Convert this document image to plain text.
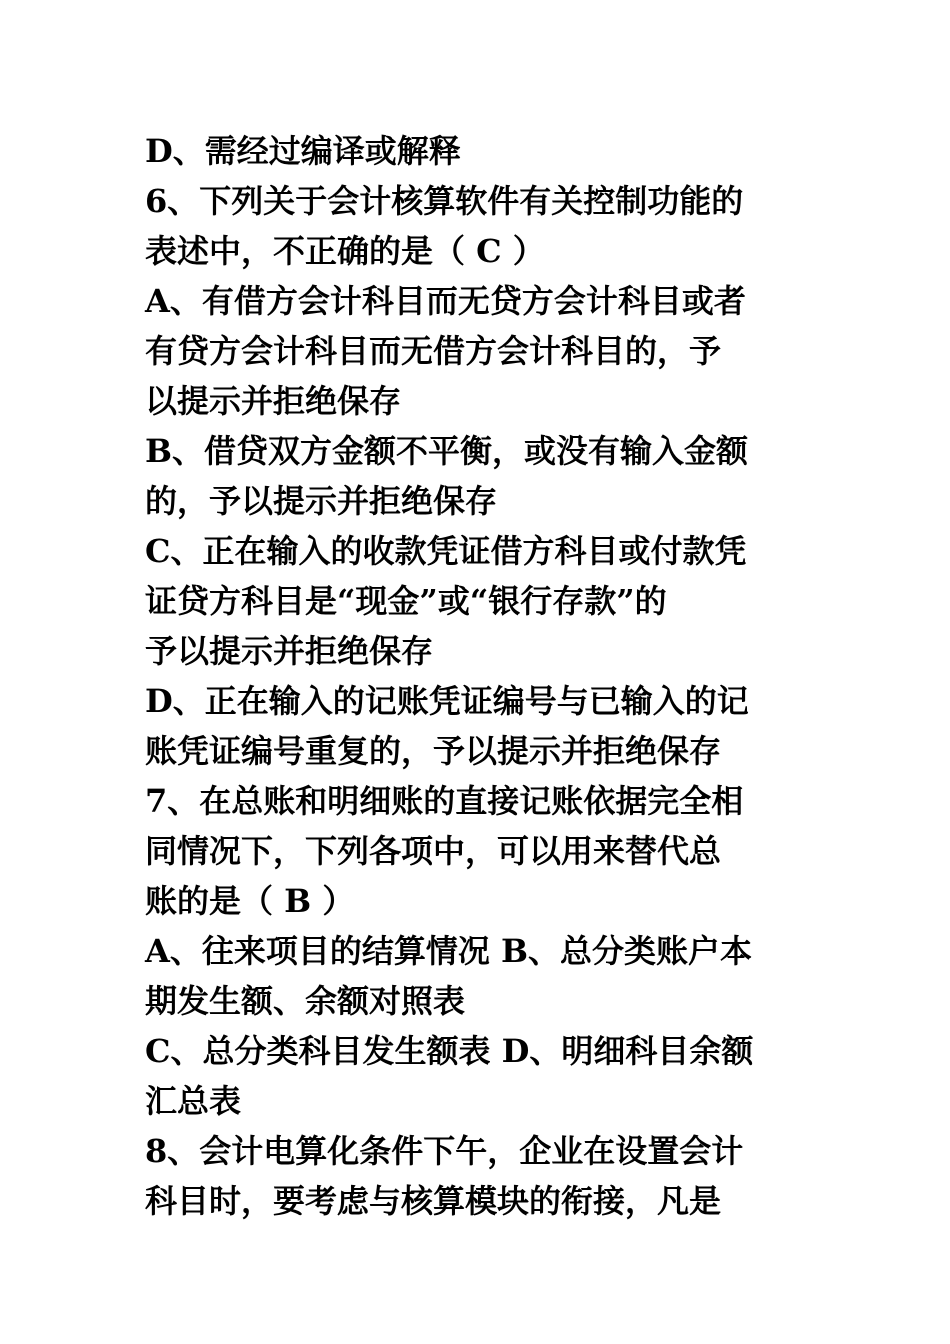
D、需经过编译或解释
6、下列关于会计核算软件有关控制功能的
表述中，不正确的是（ C ）
A、有借方会计科目而无贷方会计科目或者
有贷方会计科目而无借方会计科目的，予
以提示并拒绝保存
B、借贷双方金额不平衡，或没有输入金额
的，予以提示并拒绝保存
C、正在输入的收款凭证借方科目或付款凭
证贷方科目是“现金”或“银行存款”的
予以提示并拒绝保存
D、正在输入的记账凭证编号与已输入的记
账凭证编号重复的，予以提示并拒绝保存
7、在总账和明细账的直接记账依据完全相
同情况下，下列各项中，可以用来替代总
账的是（ B ）
A、往来项目的结算情况 B、总分类账户本
期发生额、余额对照表
C、总分类科目发生额表 D、明细科目余额
汇总表
8、会计电算化条件下午，企业在设置会计
科目时，要考虑与核算模块的衔接，凡是
